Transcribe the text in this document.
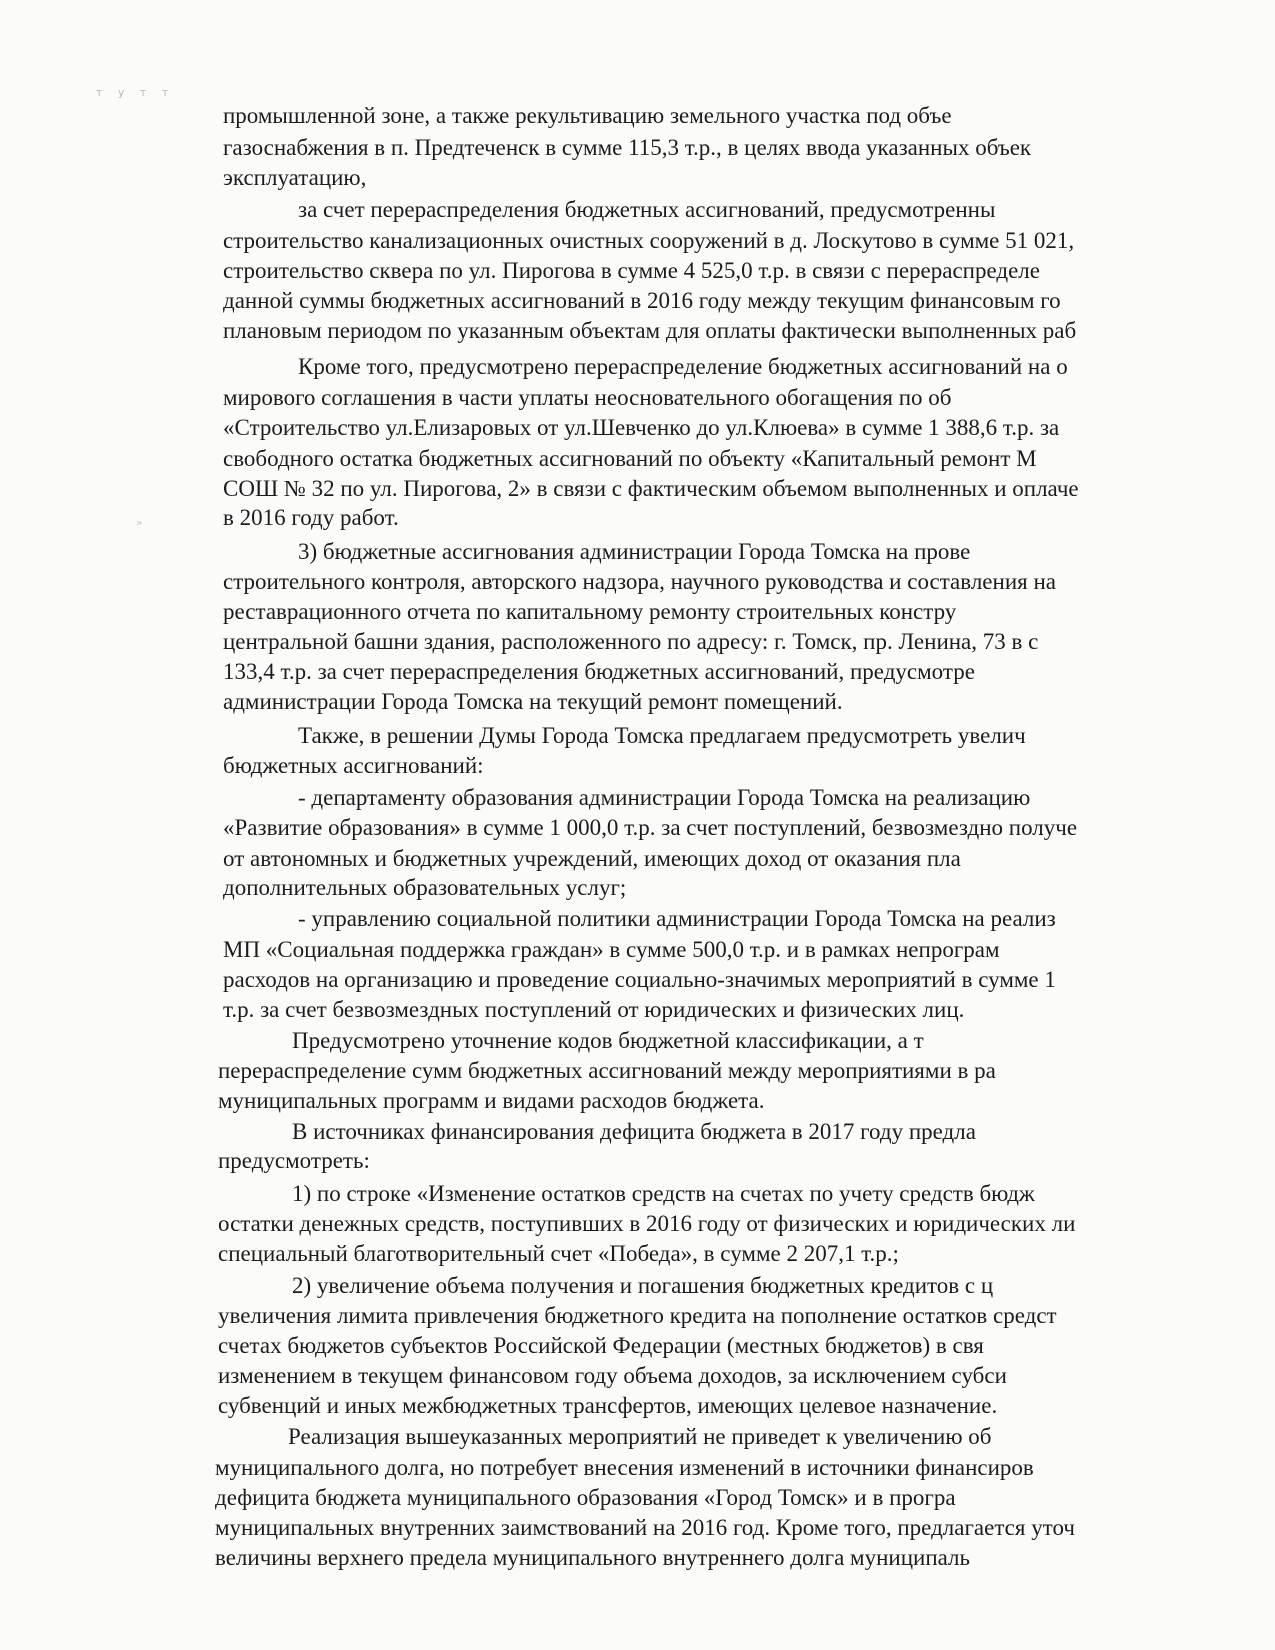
т у т т
»
промышленной зоне, а также рекультивацию земельного участка под объе
газоснабжения в п. Предтеченск в сумме 115,3 т.р., в целях ввода указанных объек
эксплуатацию,
за счет перераспределения бюджетных ассигнований, предусмотренны
строительство канализационных очистных сооружений в д. Лоскутово в сумме 51 021,
строительство сквера по ул. Пирогова в сумме 4 525,0 т.р. в связи с перераспределе
данной суммы бюджетных ассигнований в 2016 году между текущим финансовым го
плановым периодом по указанным объектам для оплаты фактически выполненных раб
Кроме того, предусмотрено перераспределение бюджетных ассигнований на о
мирового соглашения в части уплаты неосновательного обогащения по об
«Строительство ул.Елизаровых от ул.Шевченко до ул.Клюева» в сумме 1 388,6 т.р. за
свободного остатка бюджетных ассигнований по объекту «Капитальный ремонт М
СОШ № 32 по ул. Пирогова, 2» в связи с фактическим объемом выполненных и оплаче
в 2016 году работ.
3) бюджетные ассигнования администрации Города Томска на прове
строительного контроля, авторского надзора, научного руководства и составления на
реставрационного отчета по капитальному ремонту строительных констру
центральной башни здания, расположенного по адресу: г. Томск, пр. Ленина, 73 в с
133,4 т.р. за счет перераспределения бюджетных ассигнований, предусмотре
администрации Города Томска на текущий ремонт помещений.
Также, в решении Думы Города Томска предлагаем предусмотреть увелич
бюджетных ассигнований:
- департаменту образования администрации Города Томска на реализацию
«Развитие образования» в сумме 1 000,0 т.р. за счет поступлений, безвозмездно получе
от автономных и бюджетных учреждений, имеющих доход от оказания пла
дополнительных образовательных услуг;
- управлению социальной политики администрации Города Томска на реализ
МП «Социальная поддержка граждан» в сумме 500,0 т.р. и в рамках непрограм
расходов на организацию и проведение социально-значимых мероприятий в сумме 1
т.р. за счет безвозмездных поступлений от юридических и физических лиц.
Предусмотрено уточнение кодов бюджетной классификации, а т
перераспределение сумм бюджетных ассигнований между мероприятиями в ра
муниципальных программ и видами расходов бюджета.
В источниках финансирования дефицита бюджета в 2017 году предла
предусмотреть:
1) по строке «Изменение остатков средств на счетах по учету средств бюдж
остатки денежных средств, поступивших в 2016 году от физических и юридических ли
специальный благотворительный счет «Победа», в сумме 2 207,1 т.р.;
2) увеличение объема получения и погашения бюджетных кредитов с ц
увеличения лимита привлечения бюджетного кредита на пополнение остатков средст
счетах бюджетов субъектов Российской Федерации (местных бюджетов) в свя
изменением в текущем финансовом году объема доходов, за исключением субси
субвенций и иных межбюджетных трансфертов, имеющих целевое назначение.
Реализация вышеуказанных мероприятий не приведет к увеличению об
муниципального долга, но потребует внесения изменений в источники финансиров
дефицита бюджета муниципального образования «Город Томск» и в програ
муниципальных внутренних заимствований на 2016 год. Кроме того, предлагается уточ
величины верхнего предела муниципального внутреннего долга муниципаль
